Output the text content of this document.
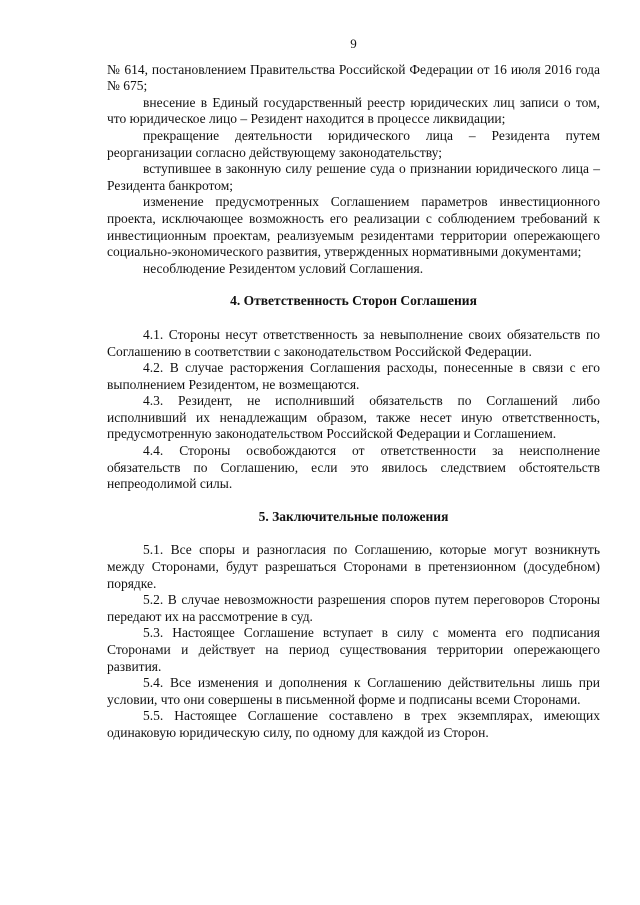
9

№ 614, постановлением Правительства Российской Федерации от 16 июля 2016 года № 675;

внесение в Единый государственный реестр юридических лиц записи о том, что юридическое лицо – Резидент находится в процессе ликвидации;

прекращение деятельности юридического лица – Резидента путем реорганизации согласно действующему законодательству;

вступившее в законную силу решение суда о признании юридического лица – Резидента банкротом;

изменение предусмотренных Соглашением параметров инвестиционного проекта, исключающее возможность его реализации с соблюдением требований к инвестиционным проектам, реализуемым резидентами территории опережающего социально-экономического развития, утвержденных нормативными документами;

несоблюдение Резидентом условий Соглашения.

4. Ответственность Сторон Соглашения

4.1. Стороны несут ответственность за невыполнение своих обязательств по Соглашению в соответствии с законодательством Российской Федерации.

4.2. В случае расторжения Соглашения расходы, понесенные в связи с его выполнением Резидентом, не возмещаются.

4.3. Резидент, не исполнивший обязательств по Соглашений либо исполнивший их ненадлежащим образом, также несет иную ответственность, предусмотренную законодательством Российской Федерации и Соглашением.

4.4. Стороны освобождаются от ответственности за неисполнение обязательств по Соглашению, если это явилось следствием обстоятельств непреодолимой силы.

5. Заключительные положения

5.1. Все споры и разногласия по Соглашению, которые могут возникнуть между Сторонами, будут разрешаться Сторонами в претензионном (досудебном) порядке.

5.2. В случае невозможности разрешения споров путем переговоров Стороны передают их на рассмотрение в суд.

5.3. Настоящее Соглашение вступает в силу с момента его подписания Сторонами и действует на период существования территории опережающего развития.

5.4. Все изменения и дополнения к Соглашению действительны лишь при условии, что они совершены в письменной форме и подписаны всеми Сторонами.

5.5. Настоящее Соглашение составлено в трех экземплярах, имеющих одинаковую юридическую силу, по одному для каждой из Сторон.
